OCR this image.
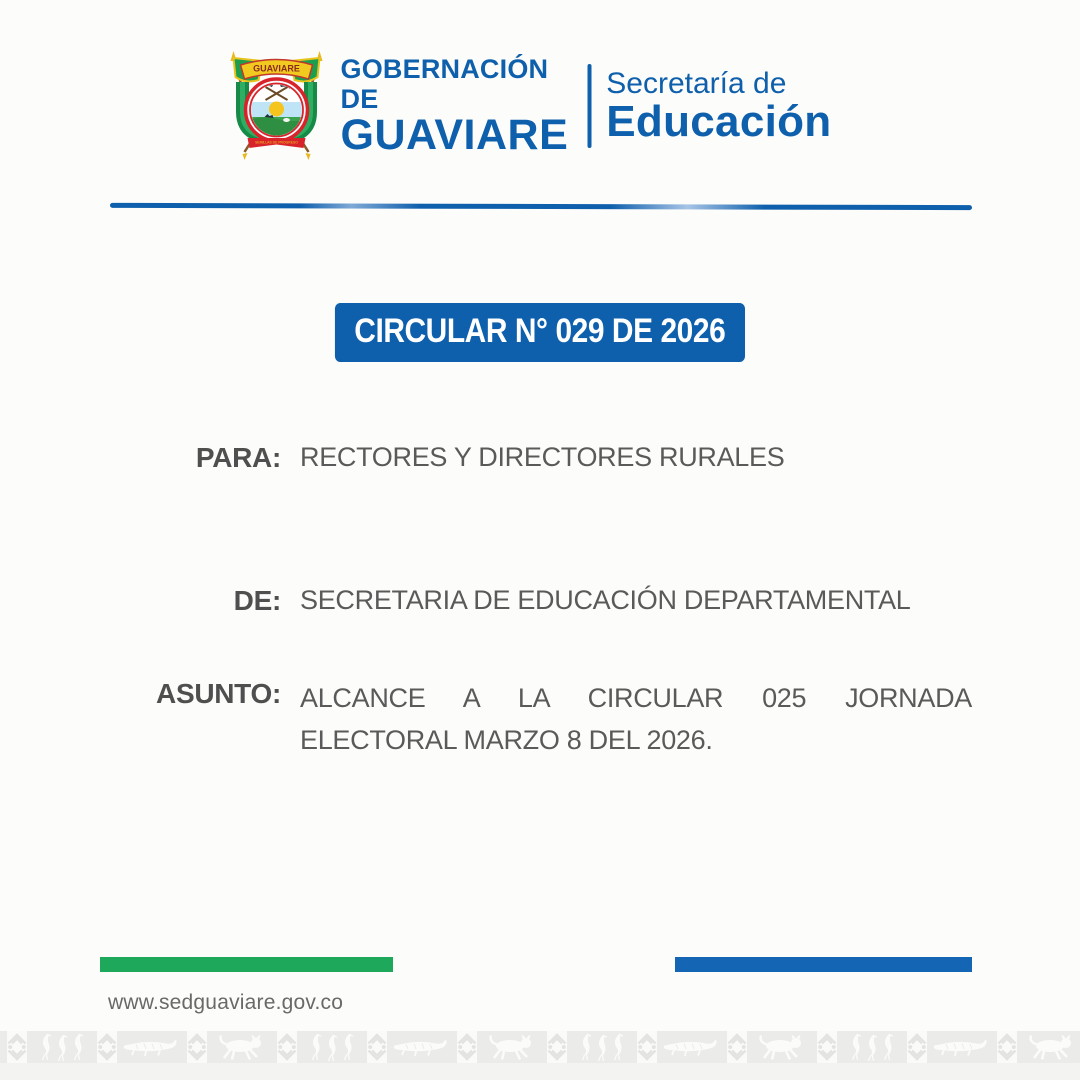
GUAVIARE
SEMILLAS DE PROGRESO
GOBERNACIÓN DE
GUAVIARE
Secretaría de
Educación
CIRCULAR N° 029 DE 2026
PARA: RECTORES Y DIRECTORES RURALES
DE: SECRETARIA DE EDUCACIÓN DEPARTAMENTAL
ASUNTO: ALCANCE A LA CIRCULAR 025 JORNADA ELECTORAL MARZO 8 DEL 2026.
www.sedguaviare.gov.co
